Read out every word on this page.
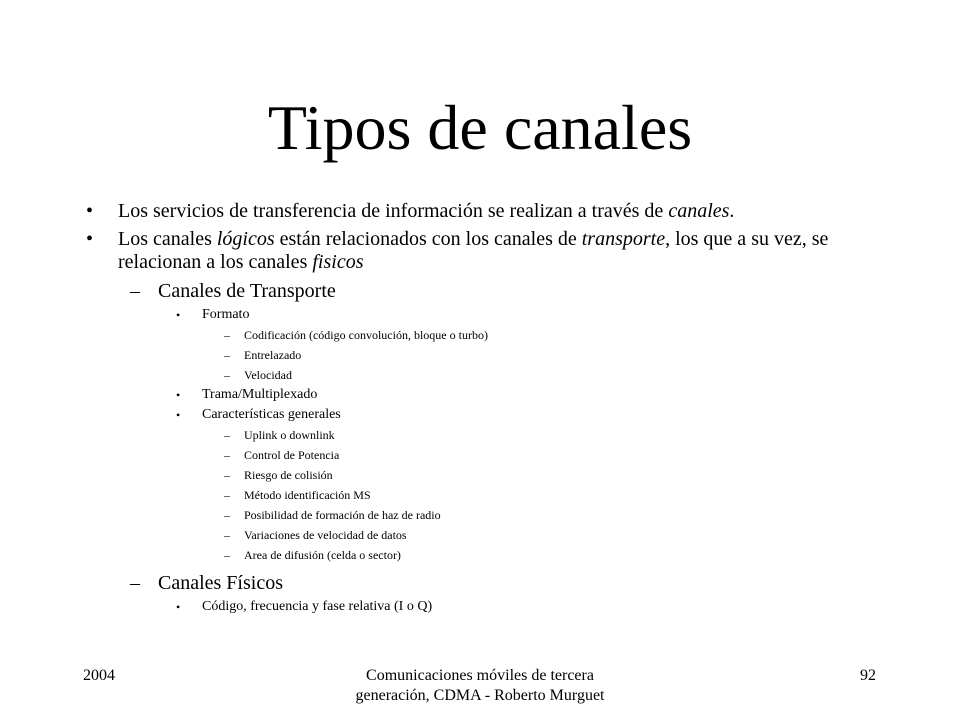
Tipos de canales
• Los servicios de transferencia de información se realizan a través de canales.
• Los canales lógicos están relacionados con los canales de transporte, los que a su vez, se relacionan a los canales fisicos
– Canales de Transporte
• Formato
– Codificación (código convolución, bloque o turbo)
– Entrelazado
– Velocidad
• Trama/Multiplexado
• Características generales
– Uplink o downlink
– Control de Potencia
– Riesgo de colisión
– Método identificación MS
– Posibilidad de formación de haz de radio
– Variaciones de velocidad de datos
– Area de difusión (celda o sector)
– Canales Físicos
• Código, frecuencia y fase relativa (I o Q)
2004	Comunicaciones móviles de tercera generación, CDMA - Roberto Murguet
92
